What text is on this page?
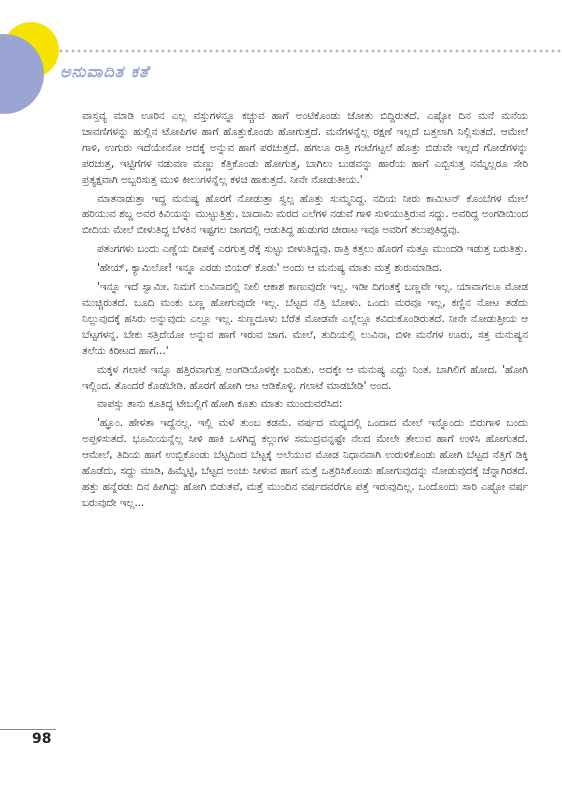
ಅನುವಾದಿತ ಕತೆ

ವಾಸ್ತವ್ಯ ಮಾಡಿ ಊರಿನ ಎಲ್ಲ ವಸ್ತುಗಳನ್ನೂ ಕಚ್ಚುವ ಹಾಗೆ ಅಂಟಿಕೊಂಡು ಜೋತು ಬಿದ್ದಿರುತದೆ. ಎಷ್ಟೋ ದಿನ ಮನೆ ಮನೆಯ ಚಾವಣಿಗಳನ್ನು ಹುಲ್ಲಿನ ಟೋಪಿಗಳ ಹಾಗೆ ಹೊತ್ತುಕೊಂಡು ಹೋಗುತ್ತದೆ. ಮನೆಗಳನ್ನೆಲ್ಲ ರಕ್ಷಣೆ ಇಲ್ಲದೆ ಬತ್ತಲಾಗಿ ನಿಲ್ಲಿಸುತದೆ. ಆಮೇಲೆ ಗಾಳಿ, ಉಗುರು ಇದೆಯೇನೋ ಅದಕ್ಕೆ ಅನ್ನುವ ಹಾಗೆ ಪರಚುತ್ತದೆ. ಹಗಲೂ ರಾತ್ರಿ ಗಂಟೆಗಟ್ಟಲೆ ಹೊತ್ತು ಬಿಡುವೇ ಇಲ್ಲದೆ ಗೋಡೆಗಳನ್ನು ಪರಚುತ್ತ, ಇಟ್ಟಿಗೆಗಳ ನಡುವಣ ಮಣ್ಣು ಕೆತ್ತಿಕೊಂಡು ಹೋಗುತ್ತ, ಬಾಗಿಲು ಬುಡವನ್ನು ಹಾರೆಯ ಹಾಗೆ ಎಬ್ಬಿಸುತ್ತ ನಮ್ಮೆಲ್ಲರೂ ಸೇರಿ ಪ್ರತ್ಯಕ್ಷವಾಗಿ ಅಬ್ಬರಿಸುತ್ತ ಮುಳಿ ಕೀಲುಗಳನ್ನೆಲ್ಲ ಕಳಚಿ ಹಾಕುತ್ತದೆ. ನೀನೇ ನೋಡುತೀಯ.'

ಮಾತನಾಡುತ್ತಾ ಇದ್ದ ಮನುಷ್ಯ ಹೊರಗೆ ನೋಡುತ್ತಾ ಸ್ವಲ್ಪ ಹೊತ್ತು ಸುಮ್ಮನಿದ್ದ. ನದಿಯ ನೀರು ಕಾಮಿಟನ್ ಕೊಂಬೆಗಳ ಮೇಲೆ ಹರಿಯುವ ಶಬ್ದ ಅವರ ಕಿವಿಯನ್ನು ಮುಟ್ಟುತ್ತಿತ್ತು. ಬಾದಾಮಿ ಮರದ ಎಲೆಗಳ ನಡುವೆ ಗಾಳಿ ಸುಳಿಯುತ್ತಿರುವ ಸದ್ದು. ಅವರಿದ್ದ ಅಂಗಡಿಯಿಂದ ಬೀದಿಯ ಮೇಲೆ ಬೀಳುತಿದ್ದ ಬೆಳಕಿನ ಇಷ್ಟಗಲ ಜಾಗದಲ್ಲಿ ಆಡುತಿದ್ದ ಹುಡುಗರ ಚೀರಾಟ ಇವೂ ಅವರಿಗೆ ತಲುಪುತಿದ್ದವು.

ಪತಂಗಗಳು ಬಂದು ಎಣ್ಣೆಯ ದೀಪಕ್ಕೆ ಎರಗುತ್ತ ರೆಕ್ಕೆ ಸುಟ್ಟು ಬೀಳುತಿದ್ದವು. ರಾತ್ರಿ ಕತ್ತಲು ಹೊರಗೆ ಮತ್ತೂ ಮುಂದಡಿ ಇಡುತ್ತ ಬರುತಿತ್ತು.

'ಹೇಯ್, ಕ್ಯಾಮಿಲೋ! ಇನ್ನೂ ಎರಡು ಬಿಯರ್ ಕೊಡು' ಅಂದು ಆ ಮನುಷ್ಯ ಮಾತು ಮತ್ತೆ ಶುರುಮಾಡಿದ.

'ಇನ್ನೂ ಇದೆ ಸ್ವಾಮೀ. ನಿಮಗೆ ಲುವಿನಾದಲ್ಲಿ ನೀಲಿ ಆಕಾಶ ಕಾಣುವುದೇ ಇಲ್ಲ. ಇಡೀ ದಿಗಂತಕ್ಕೆ ಬಣ್ಣವೇ ಇಲ್ಲ. ಯಾವಾಗಲೂ ಮೋಡ ಮುಚ್ಚಿರುತದೆ. ಬೂದಿ ಮಂಕು ಬಣ್ಣ ಹೋಗುವುದೇ ಇಲ್ಲ. ಬೆಟ್ಟದ ನೆತ್ತಿ ಬೋಳು. ಒಂದು ಮರವೂ ಇಲ್ಲ, ಕಣ್ಣಿನ ನೋಟ ತಡೆದು ನಿಲ್ಲುವುದಕ್ಕೆ ಹಸಿರು ಅನ್ನುವುದು ಎಲ್ಲೂ ಇಲ್ಲ. ಸುಣ್ಣದೂಳು ಬೆರೆತ ಮೋಡವೇ ಎಲ್ಲೆಲ್ಲೂ ಕವಿದುಕೊಂಡಿರುತದೆ. ನೀನೇ ನೋಡುತ್ತೀಯ ಆ ಬೆಟ್ಟಗಳನ್ನ. ಬೇಕು ಸತ್ತಿದೆಯೋ ಅನ್ನುವ ಹಾಗೆ ಇರುವ ಜಾಗ. ಮೇಲೆ, ತುದಿಯಲ್ಲಿ ಲುವಿನಾ, ಬಿಳೀ ಮನೆಗಳ ಊರು, ಸತ್ತ ಮನುಷ್ಯನ ತಲೆಯ ಕಿರೀಟದ ಹಾಗೆ...'

ಮಕ್ಕಳ ಗಲಾಟೆ ಇನ್ನೂ ಹತ್ತಿರವಾಗುತ್ತ ಅಂಗಡಿಯೊಳಕ್ಕೇ ಬಂದಿತು. ಅದಕ್ಕೇ ಆ ಮನುಷ್ಯ ಎದ್ದು ನಿಂತ. ಬಾಗಿಲಿಗೆ ಹೋದ. 'ಹೋಗಿ ಇಲ್ಲಿಂದ. ತೊಂದರೆ ಕೊಡಬೇಡಿ. ಹೊರಗೆ ಹೋಗಿ ಆಟ ಆಡಿಕೊಳ್ಳಿ. ಗಲಾಟೆ ಮಾಡಬೇಡಿ' ಅಂದ.

ವಾಪಸ್ಸು ತಾನು ಕೂತಿದ್ದ ಟೇಬಲ್ಲಿಗೆ ಹೋಗಿ ಕೂತು ಮಾತು ಮುಂದುವರೆಸಿದ:

'ಹ್ಞೂಂ. ಹೇಳತಾ ಇದ್ದೆನಲ್ಲ. ಇಲ್ಲಿ ಮಳೆ ತುಂಬ ಕಡಮೆ. ವರ್ಷದ ಮಧ್ಯದಲ್ಲಿ ಒಂದಾದ ಮೇಲೆ ಇನ್ನೊಂದು ಬಿರುಗಾಳಿ ಬಂದು ಅಪ್ಪಳಿಸುತದೆ. ಭೂಮಿಯನ್ನೆಲ್ಲ ಸೀಳಿ ಹಾಕಿ ಒಳಗಿದ್ದ ಕಲ್ಲುಗಳ ಸಮುದ್ರವನ್ನಷ್ಟೇ ನೆಲದ ಮೇಲೇ ತೇಲುವ ಹಾಗೆ ಉಳಿಸಿ ಹೋಗುತದೆ. ಆಮೇಲೆ, ತಿದಿಯ ಹಾಗೆ ಉಬ್ಬಿಕೊಂಡು ಬೆಟ್ಟದಿಂದ ಬೆಟ್ಟಕ್ಕೆ ಅಲೆಯುವ ಮೋಡ ನಿಧಾನವಾಗಿ ಉರುಳಿಕೊಂಡು ಹೋಗಿ ಬೆಟ್ಟದ ನೆತ್ತಿಗೆ ಡಿಕ್ಕಿ ಹೊಡೆದು, ಸದ್ದು ಮಾಡಿ, ಹಿಮ್ಮೆಟ್ಟಿ, ಬೆಟ್ಟದ ಅಂಚು ಸೀಳುವ ಹಾಗೆ ಮತ್ತೆ ಒತ್ತರಿಸಿಕೊಂಡು ಹೋಗುವುದನ್ನು ನೋಡುವುದಕ್ಕೆ ಚೆನ್ನಾಗಿರತದೆ. ಹತ್ತು ಹನ್ನೆರಡು ದಿನ ಹೀಗಿದ್ದು ಹೋಗಿ ಬಿಡುತವೆ, ಮತ್ತೆ ಮುಂದಿನ ವರ್ಷದವರೆಗೂ ಪತ್ತೆ ಇರುವುದಿಲ್ಲ. ಒಂದೊಂದು ಸಾರಿ ಎಷ್ಟೋ ವರ್ಷ ಬರುವುದೇ ಇಲ್ಲ...

98
